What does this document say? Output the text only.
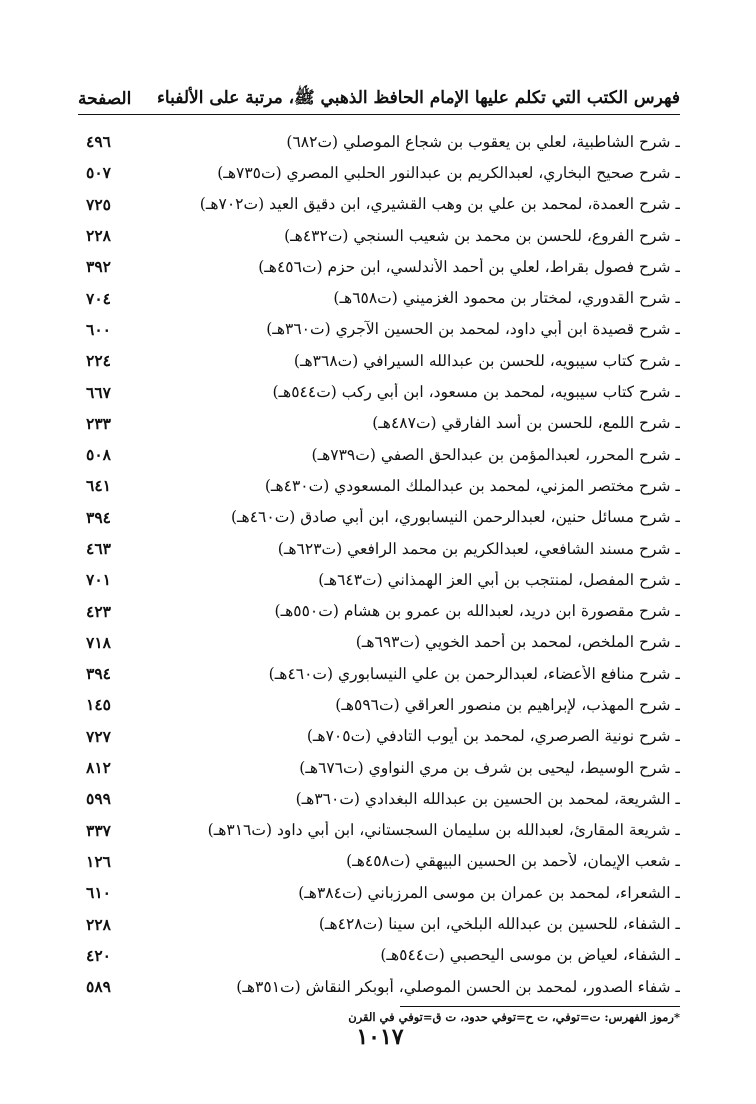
فهرس الكتب التي تكلم عليها الإمام الحافظ الذهبي ﷺ، مرتبة على الألفباء
الصفحة
ـ شرح الشاطبية، لعلي بن يعقوب بن شجاع الموصلي (ت٦٨٢)
٤٩٦
ـ شرح صحيح البخاري، لعبدالكريم بن عبدالنور الحلبي المصري (ت٧٣٥هـ)
٥٠٧
ـ شرح العمدة، لمحمد بن علي بن وهب القشيري، ابن دقيق العيد (ت٧٠٢هـ)
٧٢٥
ـ شرح الفروع، للحسن بن محمد بن شعيب السنجي (ت٤٣٢هـ)
٢٢٨
ـ شرح فصول بقراط، لعلي بن أحمد الأندلسي، ابن حزم (ت٤٥٦هـ)
٣٩٢
ـ شرح القدوري، لمختار بن محمود الغزميني (ت٦٥٨هـ)
٧٠٤
ـ شرح قصيدة ابن أبي داود، لمحمد بن الحسين الآجري (ت٣٦٠هـ)
٦٠٠
ـ شرح كتاب سيبويه، للحسن بن عبدالله السيرافي (ت٣٦٨هـ)
٢٢٤
ـ شرح كتاب سيبويه، لمحمد بن مسعود، ابن أبي ركب (ت٥٤٤هـ)
٦٦٧
ـ شرح اللمع، للحسن بن أسد الفارقي (ت٤٨٧هـ)
٢٣٣
ـ شرح المحرر، لعبدالمؤمن بن عبدالحق الصفي (ت٧٣٩هـ)
٥٠٨
ـ شرح مختصر المزني، لمحمد بن عبدالملك المسعودي (ت٤٣٠هـ)
٦٤١
ـ شرح مسائل حنين، لعبدالرحمن النيسابوري، ابن أبي صادق (ت٤٦٠هـ)
٣٩٤
ـ شرح مسند الشافعي، لعبدالكريم بن محمد الرافعي (ت٦٢٣هـ)
٤٦٣
ـ شرح المفصل، لمنتجب بن أبي العز الهمذاني (ت٦٤٣هـ)
٧٠١
ـ شرح مقصورة ابن دريد، لعبدالله بن عمرو بن هشام (ت٥٥٠هـ)
٤٢٣
ـ شرح الملخص، لمحمد بن أحمد الخويي (ت٦٩٣هـ)
٧١٨
ـ شرح منافع الأعضاء، لعبدالرحمن بن علي النيسابوري (ت٤٦٠هـ)
٣٩٤
ـ شرح المهذب، لإبراهيم بن منصور العراقي (ت٥٩٦هـ)
١٤٥
ـ شرح نونية الصرصري، لمحمد بن أيوب التادفي (ت٧٠٥هـ)
٧٢٧
ـ شرح الوسيط، ليحيى بن شرف بن مري النواوي (ت٦٧٦هـ)
٨١٢
ـ الشريعة، لمحمد بن الحسين بن عبدالله البغدادي (ت٣٦٠هـ)
٥٩٩
ـ شريعة المقارئ، لعبدالله بن سليمان السجستاني، ابن أبي داود (ت٣١٦هـ)
٣٣٧
ـ شعب الإيمان، لأحمد بن الحسين البيهقي (ت٤٥٨هـ)
١٢٦
ـ الشعراء، لمحمد بن عمران بن موسى المرزباني (ت٣٨٤هـ)
٦١٠
ـ الشفاء، للحسين بن عبدالله البلخي، ابن سينا (ت٤٢٨هـ)
٢٢٨
ـ الشفاء، لعياض بن موسى اليحصبي (ت٥٤٤هـ)
٤٢٠
ـ شفاء الصدور، لمحمد بن الحسن الموصلي، أبوبكر النقاش (ت٣٥١هـ)
٥٨٩
*رموز الفهرس: ت=توفي، ت ح=توفي حدود، ت ق=توفي في القرن
١٠١٧
